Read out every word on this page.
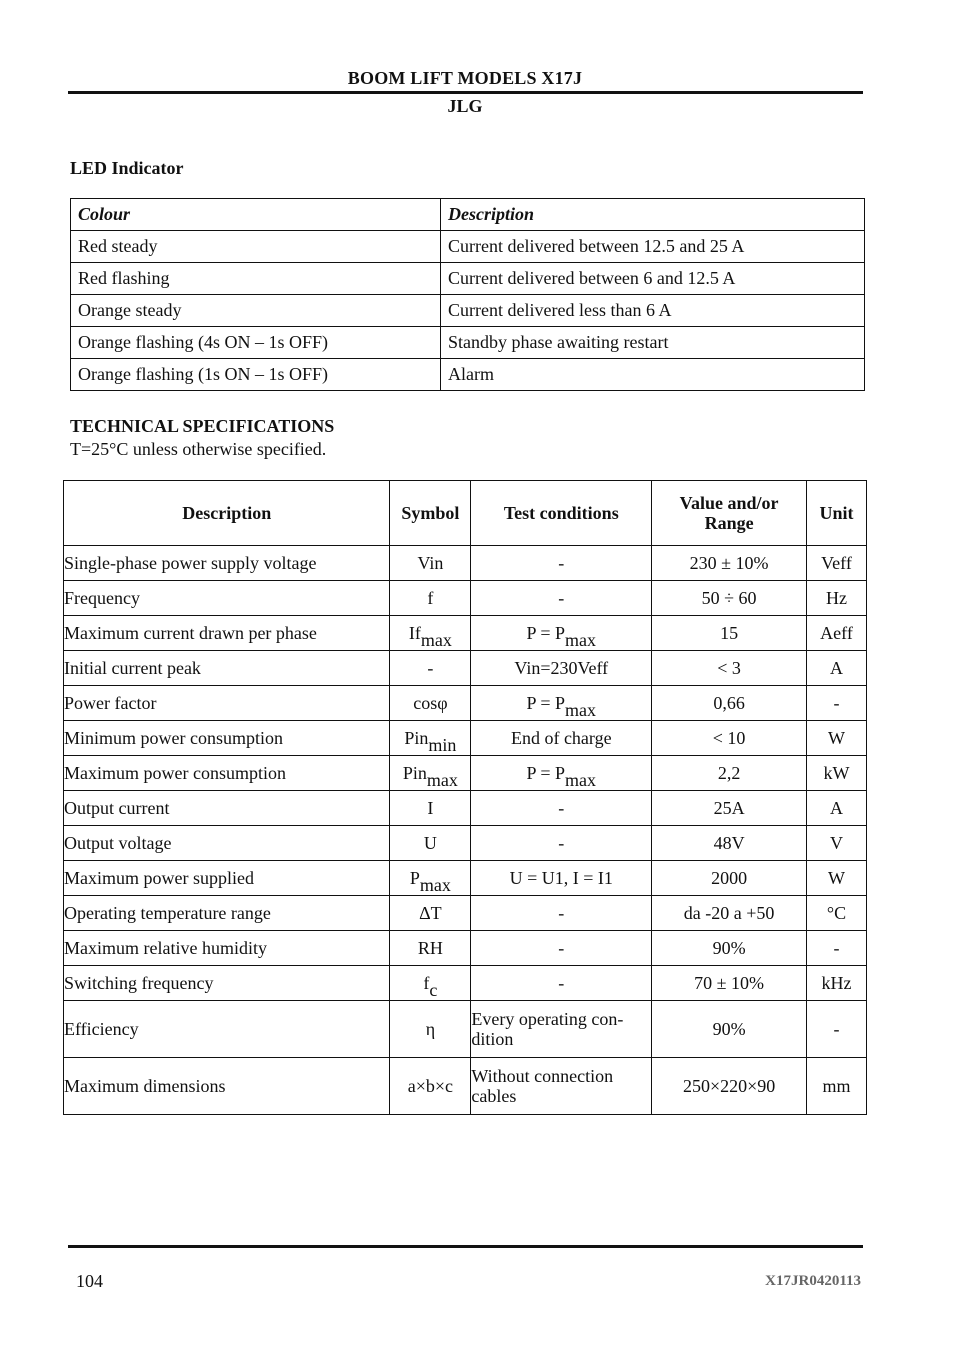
BOOM LIFT MODELS X17J
JLG
LED Indicator
Colour	Description
Red steady	Current delivered between 12.5 and 25 A
Red flashing	Current delivered between 6 and 12.5 A
Orange steady	Current delivered less than 6 A
Orange flashing (4s ON – 1s OFF)	Standby phase awaiting restart
Orange flashing (1s ON – 1s OFF)	Alarm
TECHNICAL SPECIFICATIONS
T=25°C unless otherwise specified.
Description	Symbol	Test conditions	Value and/or Range	Unit
Single-phase power supply voltage	Vin	-	230 ± 10%	Veff
Frequency	f	-	50 ÷ 60	Hz
Maximum current drawn per phase	$If_{max}$	$P = P_{max}$	15	Aeff
Initial current peak	-	Vin=230Veff	< 3	A
Power factor	cosφ	$P = P_{max}$	0,66	-
Minimum power consumption	Pin$_{min}$	End of charge	< 10	W
Maximum power consumption	Pin$_{max}$	$P = P_{max}$	2,2	kW
Output current	I	-	25A	A
Output voltage	U	-	48V	V
Maximum power supplied	$P_{max}$	U = U1, I = I1	2000	W
Operating temperature range	ΔT	-	da -20 a +50	°C
Maximum relative humidity	RH	-	90%	-
Switching frequency	$f_c$	-	70 ± 10%	kHz
Efficiency	η	Every operating con-dition	90%	-
Maximum dimensions	a×b×c	Without connection cables	250×220×90	mm
104	X17JR0420113
